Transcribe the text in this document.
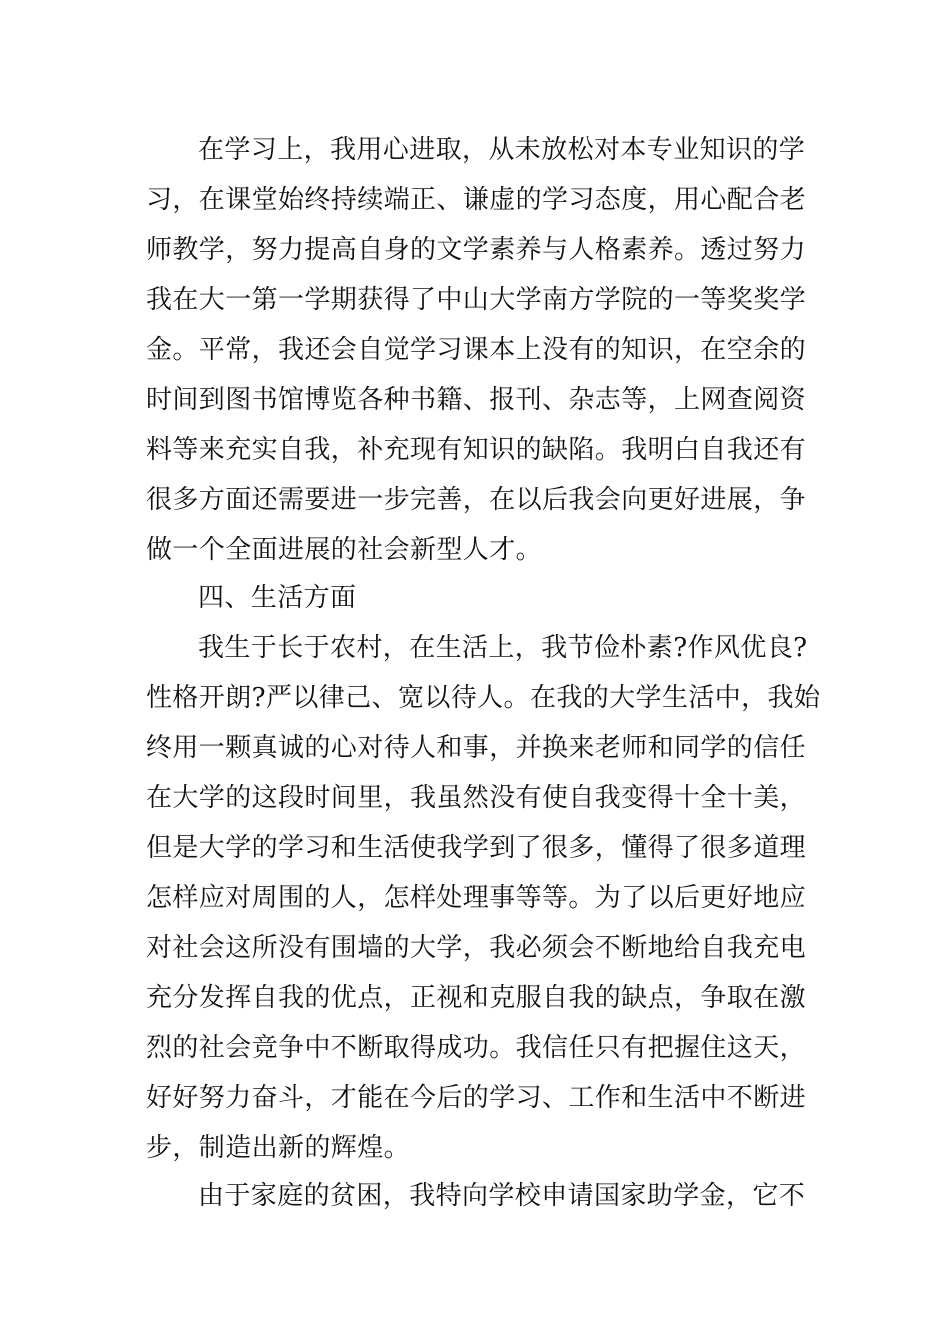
在学习上，我用心进取，从未放松对本专业知识的学
习，在课堂始终持续端正、谦虚的学习态度，用心配合老
师教学，努力提高自身的文学素养与人格素养。透过努力
我在大一第一学期获得了中山大学南方学院的一等奖奖学
金。平常，我还会自觉学习课本上没有的知识，在空余的
时间到图书馆博览各种书籍、报刊、杂志等，上网查阅资
料等来充实自我，补充现有知识的缺陷。我明白自我还有
很多方面还需要进一步完善，在以后我会向更好进展，争
做一个全面进展的社会新型人才。
四、生活方面
我生于长于农村，在生活上，我节俭朴素?作风优良?
性格开朗?严以律己、宽以待人。在我的大学生活中，我始
终用一颗真诚的心对待人和事，并换来老师和同学的信任
在大学的这段时间里，我虽然没有使自我变得十全十美，
但是大学的学习和生活使我学到了很多，懂得了很多道理
怎样应对周围的人，怎样处理事等等。为了以后更好地应
对社会这所没有围墙的大学，我必须会不断地给自我充电
充分发挥自我的优点，正视和克服自我的缺点，争取在激
烈的社会竞争中不断取得成功。我信任只有把握住这天，
好好努力奋斗，才能在今后的学习、工作和生活中不断进
步，制造出新的辉煌。
由于家庭的贫困，我特向学校申请国家助学金，它不
